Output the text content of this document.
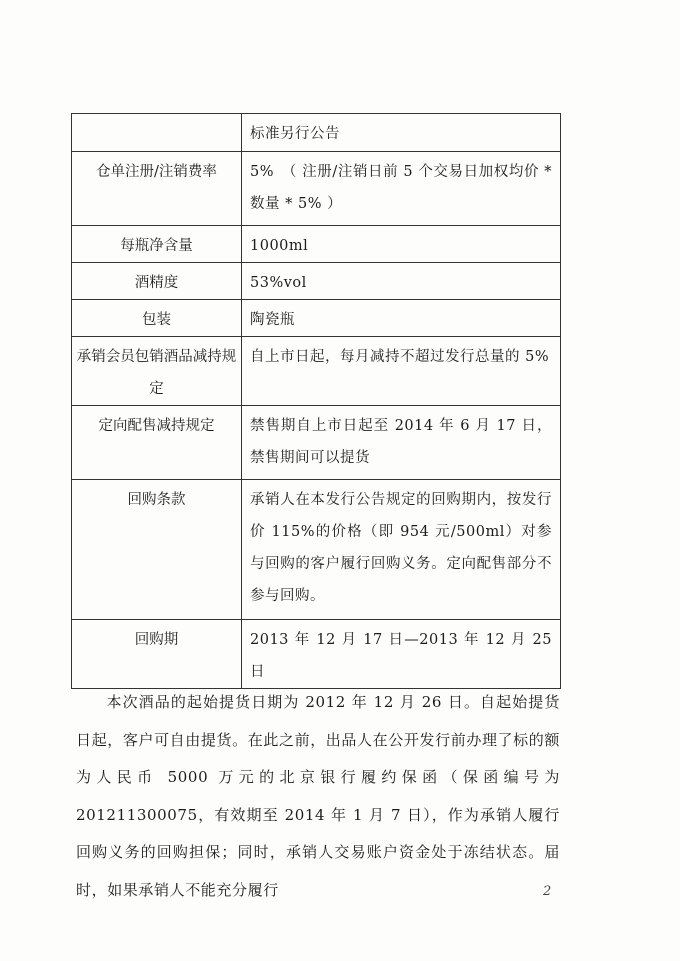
	标准另行公告
仓单注册/注销费率	5%　（ 注册/注销日前 5 个交易日加权均价 * 数量 * 5% ）
每瓶净含量	1000ml
酒精度	53%vol
包装	陶瓷瓶
承销会员包销酒品减持规定	自上市日起，每月减持不超过发行总量的 5%
定向配售减持规定	禁售期自上市日起至 2014 年 6 月 17 日，禁售期间可以提货
回购条款	承销人在本发行公告规定的回购期内，按发行价 115%的价格（即 954 元/500ml）对参与回购的客户履行回购义务。定向配售部分不参与回购。
回购期	2013 年 12 月 17 日—2013 年 12 月 25 日

本次酒品的起始提货日期为 2012 年 12 月 26 日。自起始提货日起，客户可自由提货。在此之前，出品人在公开发行前办理了标的额为人民币 5000 万元的北京银行履约保函（保函编号为 201211300075，有效期至 2014 年 1 月 7 日），作为承销人履行回购义务的回购担保；同时，承销人交易账户资金处于冻结状态。届时，如果承销人不能充分履行	2
